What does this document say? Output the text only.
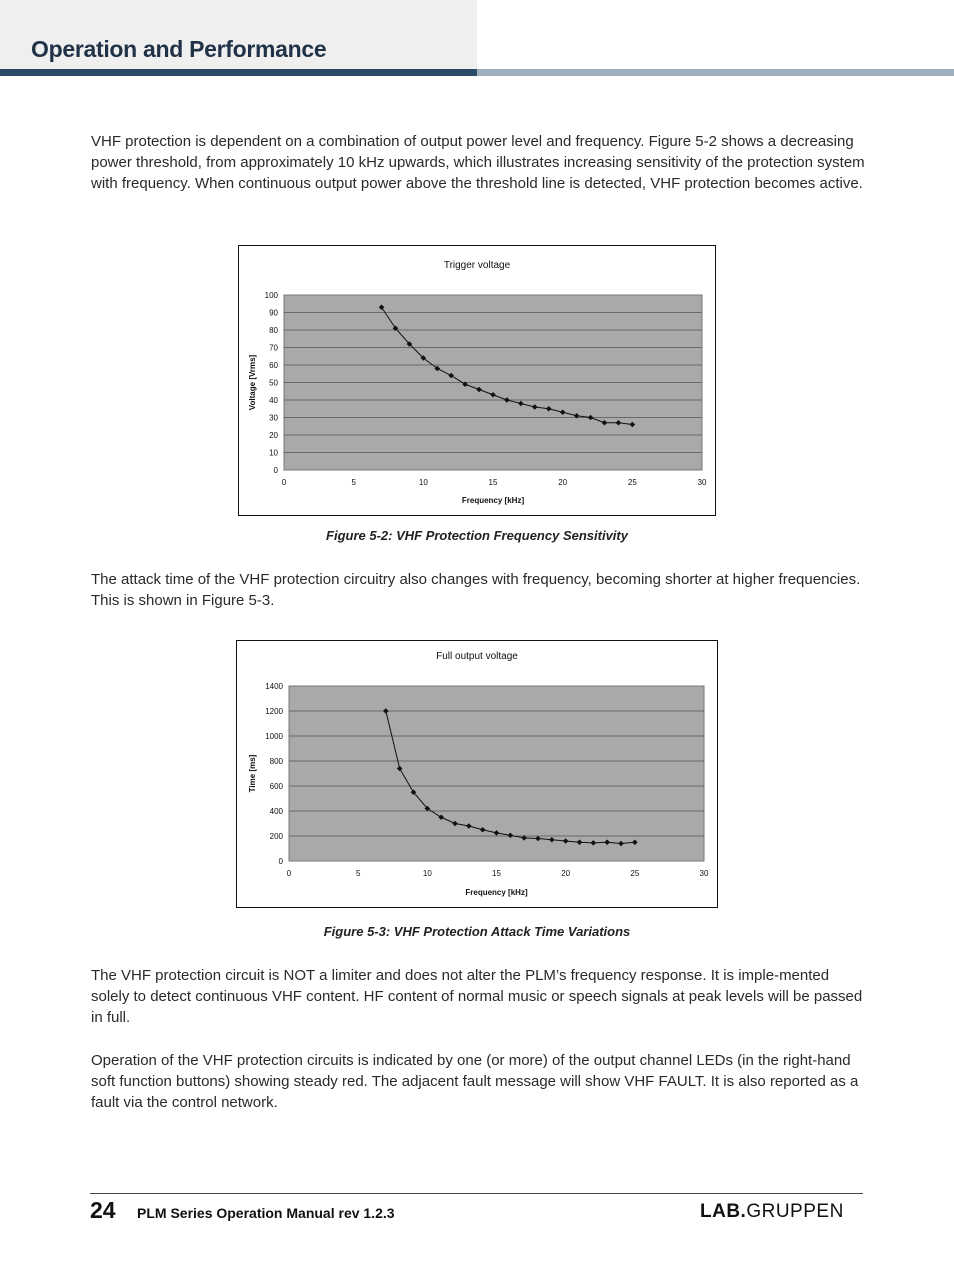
Operation and Performance

VHF protection is dependent on a combination of output power level and frequency. Figure 5-2 shows a decreasing power threshold, from approximately 10 kHz upwards, which illustrates increasing sensitivity of the protection system with frequency. When continuous output power above the threshold line is detected, VHF protection becomes active.

0
10
20
30
40
50
60
70
80
90
100
0	5	10	15	20	25	30
Trigger voltage
Frequency [kHz]
Voltage [Vrms]
Figure 5-2: VHF Protection Frequency Sensitivity

The attack time of the VHF protection circuitry also changes with frequency, becoming shorter at higher frequencies. This is shown in Figure 5-3.

0
200
400
600
800
1000
1200
1400
0	5	10	15	20	25	30
Full output voltage
Frequency [kHz]
Time [ms]
Figure 5-3: VHF Protection Attack Time Variations

The VHF protection circuit is NOT a limiter and does not alter the PLM’s frequency response. It is imple-mented solely to detect continuous VHF content. HF content of normal music or speech signals at peak levels will be passed in full.

Operation of the VHF protection circuits is indicated by one (or more) of the output channel LEDs (in the right-hand soft function buttons) showing steady red. The adjacent fault message will show VHF FAULT. It is also reported as a fault via the control network.

24 PLM Series Operation Manual rev 1.2.3	LAB.GRUPPEN
